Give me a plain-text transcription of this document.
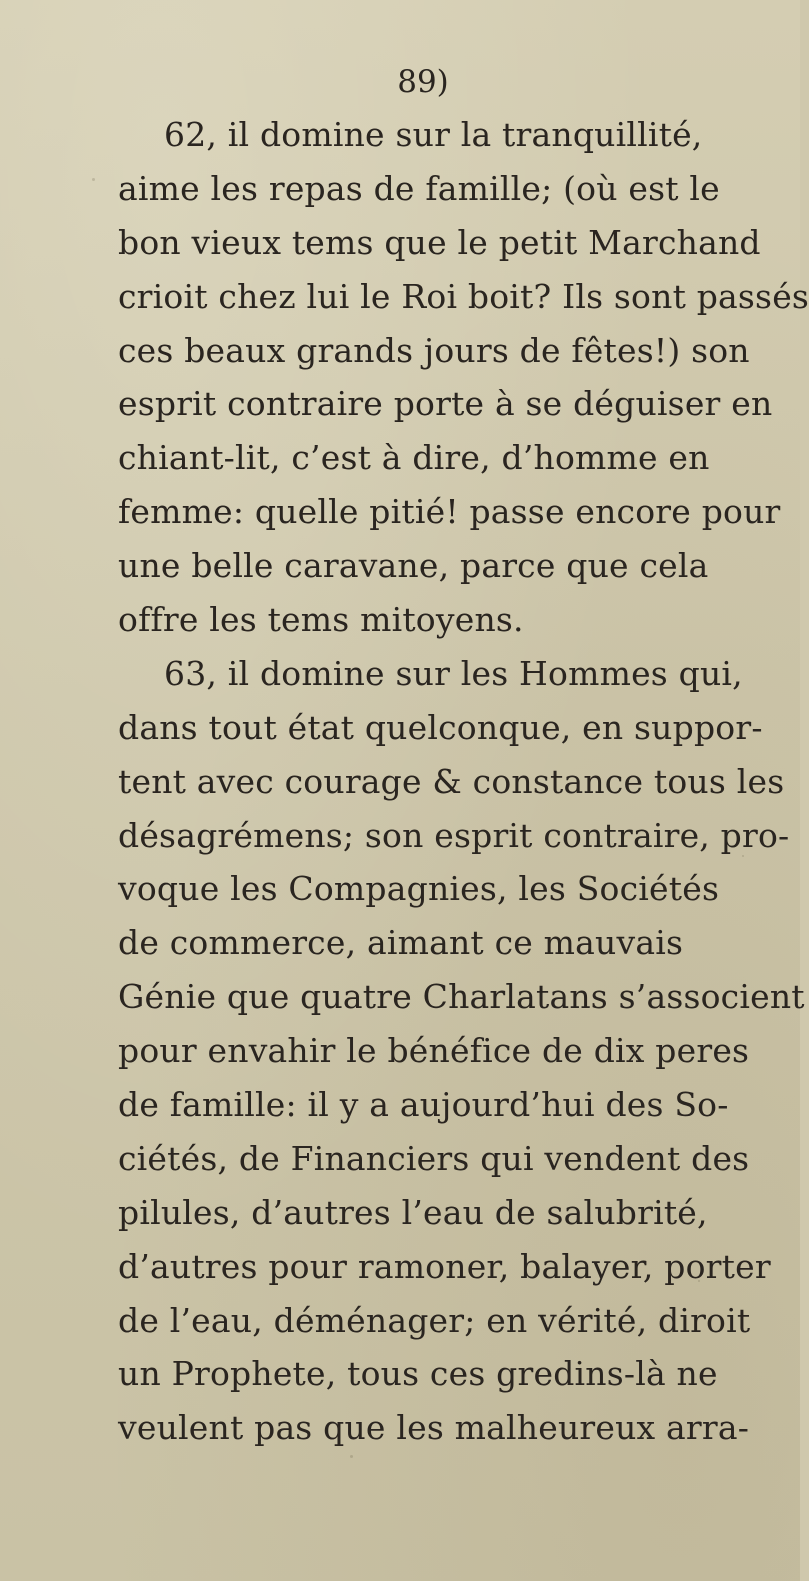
89)
62, il domine sur la tranquillité,
aime les repas de famille; (où est le
bon vieux tems que le petit Marchand
crioit chez lui le Roi boit? Ils sont passés
ces beaux grands jours de fêtes!) son
esprit contraire porte à se déguiser en
chiant-lit, c’est à dire, d’homme en
femme: quelle pitié! passe encore pour
une belle caravane, parce que cela
offre les tems mitoyens.
63, il domine sur les Hommes qui,
dans tout état quelconque, en suppor-
tent avec courage & constance tous les
désagrémens; son esprit contraire, pro-
voque les Compagnies, les Sociétés
de commerce, aimant ce mauvais
Génie que quatre Charlatans s’associent
pour envahir le bénéfice de dix peres
de famille: il y a aujourd’hui des So-
ciétés, de Financiers qui vendent des
pilules, d’autres l’eau de salubrité,
d’autres pour ramoner, balayer, porter
de l’eau, déménager; en vérité, diroit
un Prophete, tous ces gredins-là ne
veulent pas que les malheureux arra-
